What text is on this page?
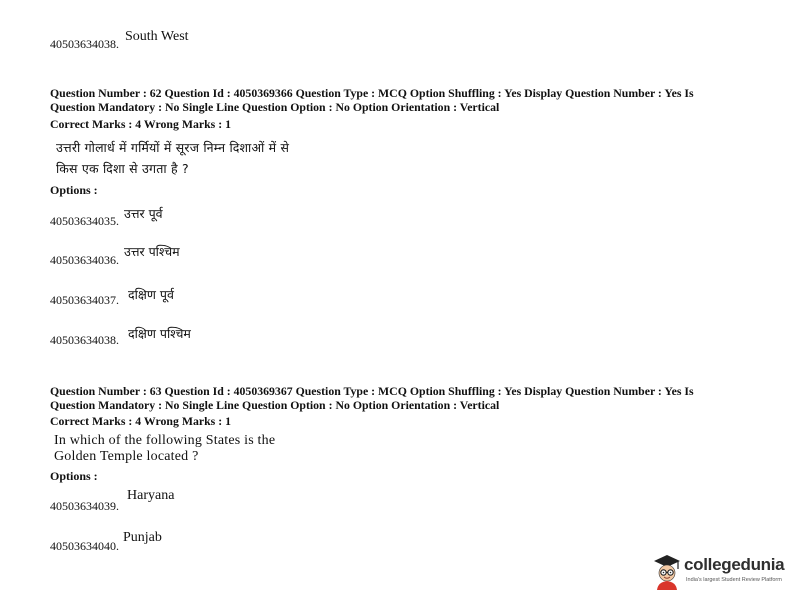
40503634038. South West
Question Number : 62 Question Id : 4050369366 Question Type : MCQ Option Shuffling : Yes Display Question Number : Yes Is
Question Mandatory : No Single Line Question Option : No Option Orientation : Vertical
Correct Marks : 4 Wrong Marks : 1
उत्तरी गोलार्ध में गर्मियों में सूरज निम्न दिशाओं में से
किस एक दिशा से उगता है ?
Options :
40503634035. उत्तर पूर्व
40503634036.
उत्तर पश्चिम
40503634037. दक्षिण पूर्व
40503634038. दक्षिण पश्चिम
Question Number : 63 Question Id : 4050369367 Question Type : MCQ Option Shuffling : Yes Display Question Number : Yes Is
Question Mandatory : No Single Line Question Option : No Option Orientation : Vertical
Correct Marks : 4 Wrong Marks : 1
In which of the following States is the
Golden Temple located ?
Options :
40503634039.
Haryana
40503634040.
Punjab
collegedunia
India's largest Student Review Platform
